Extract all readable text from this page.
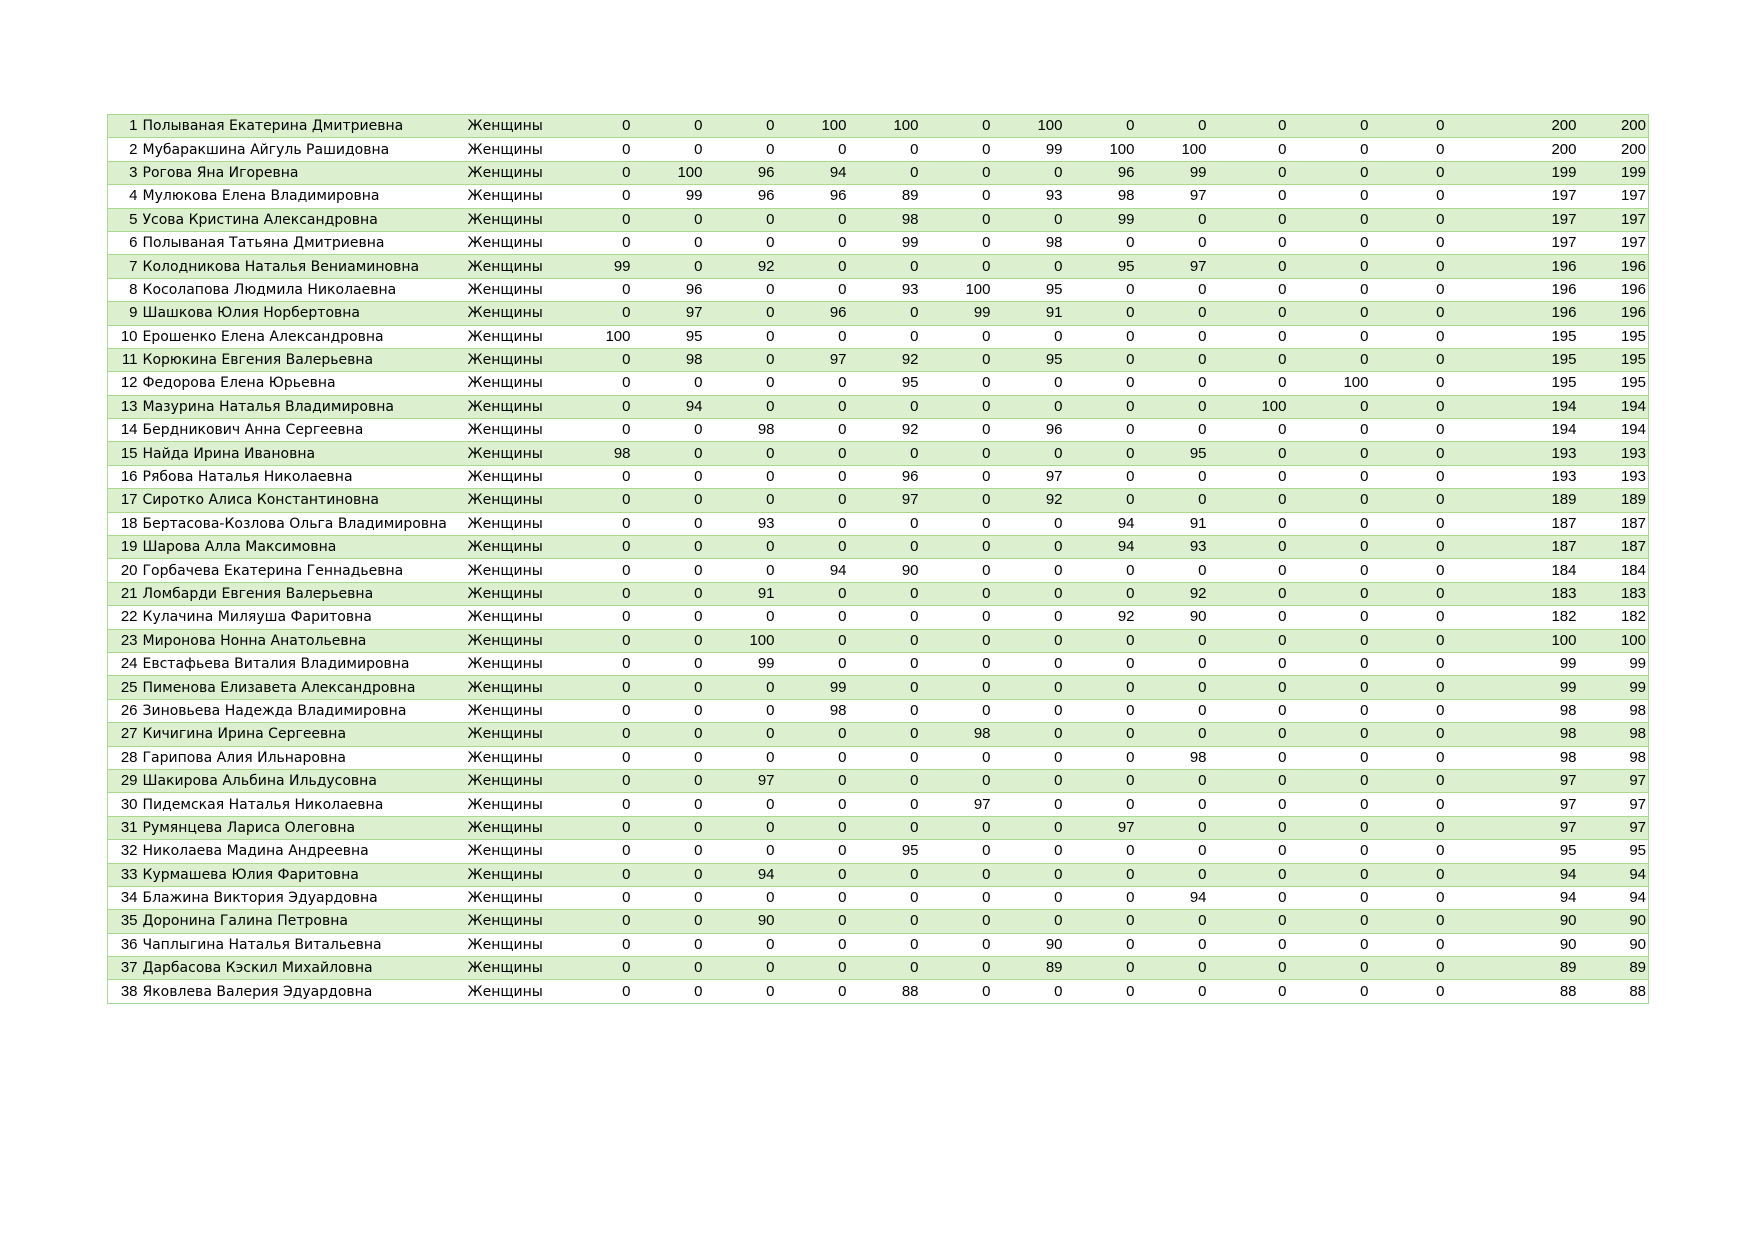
1	Полываная Екатерина Дмитриевна	Женщины	0	0	0	100	100	0	100	0	0	0	0	0	200	200
2	Мубаракшина Айгуль Рашидовна	Женщины	0	0	0	0	0	0	99	100	100	0	0	0	200	200
3	Рогова Яна Игоревна	Женщины	0	100	96	94	0	0	0	96	99	0	0	0	199	199
4	Мулюкова Елена Владимировна	Женщины	0	99	96	96	89	0	93	98	97	0	0	0	197	197
5	Усова Кристина Александровна	Женщины	0	0	0	0	98	0	0	99	0	0	0	0	197	197
6	Полываная Татьяна Дмитриевна	Женщины	0	0	0	0	99	0	98	0	0	0	0	0	197	197
7	Колодникова Наталья Вениаминовна	Женщины	99	0	92	0	0	0	0	95	97	0	0	0	196	196
8	Косолапова Людмила Николаевна	Женщины	0	96	0	0	93	100	95	0	0	0	0	0	196	196
9	Шашкова Юлия Норбертовна	Женщины	0	97	0	96	0	99	91	0	0	0	0	0	196	196
10	Ерошенко Елена Александровна	Женщины	100	95	0	0	0	0	0	0	0	0	0	0	195	195
11	Корюкина Евгения Валерьевна	Женщины	0	98	0	97	92	0	95	0	0	0	0	0	195	195
12	Федорова Елена Юрьевна	Женщины	0	0	0	0	95	0	0	0	0	0	100	0	195	195
13	Мазурина Наталья Владимировна	Женщины	0	94	0	0	0	0	0	0	0	100	0	0	194	194
14	Бердникович Анна Сергеевна	Женщины	0	0	98	0	92	0	96	0	0	0	0	0	194	194
15	Найда Ирина Ивановна	Женщины	98	0	0	0	0	0	0	0	95	0	0	0	193	193
16	Рябова Наталья Николаевна	Женщины	0	0	0	0	96	0	97	0	0	0	0	0	193	193
17	Сиротко Алиса Константиновна	Женщины	0	0	0	0	97	0	92	0	0	0	0	0	189	189
18	Бертасова-Козлова Ольга Владимировна	Женщины	0	0	93	0	0	0	0	94	91	0	0	0	187	187
19	Шарова Алла Максимовна	Женщины	0	0	0	0	0	0	0	94	93	0	0	0	187	187
20	Горбачева Екатерина Геннадьевна	Женщины	0	0	0	94	90	0	0	0	0	0	0	0	184	184
21	Ломбарди Евгения Валерьевна	Женщины	0	0	91	0	0	0	0	0	92	0	0	0	183	183
22	Кулачина Миляуша Фаритовна	Женщины	0	0	0	0	0	0	0	92	90	0	0	0	182	182
23	Миронова Нонна Анатольевна	Женщины	0	0	100	0	0	0	0	0	0	0	0	0	100	100
24	Евстафьева Виталия Владимировна	Женщины	0	0	99	0	0	0	0	0	0	0	0	0	99	99
25	Пименова Елизавета Александровна	Женщины	0	0	0	99	0	0	0	0	0	0	0	0	99	99
26	Зиновьева Надежда Владимировна	Женщины	0	0	0	98	0	0	0	0	0	0	0	0	98	98
27	Кичигина Ирина Сергеевна	Женщины	0	0	0	0	0	98	0	0	0	0	0	0	98	98
28	Гарипова Алия Ильнаровна	Женщины	0	0	0	0	0	0	0	0	98	0	0	0	98	98
29	Шакирова Альбина Ильдусовна	Женщины	0	0	97	0	0	0	0	0	0	0	0	0	97	97
30	Пидемская Наталья Николаевна	Женщины	0	0	0	0	0	97	0	0	0	0	0	0	97	97
31	Румянцева Лариса Олеговна	Женщины	0	0	0	0	0	0	0	97	0	0	0	0	97	97
32	Николаева Мадина Андреевна	Женщины	0	0	0	0	95	0	0	0	0	0	0	0	95	95
33	Курмашева Юлия Фаритовна	Женщины	0	0	94	0	0	0	0	0	0	0	0	0	94	94
34	Блажина Виктория Эдуардовна	Женщины	0	0	0	0	0	0	0	0	94	0	0	0	94	94
35	Доронина Галина Петровна	Женщины	0	0	90	0	0	0	0	0	0	0	0	0	90	90
36	Чаплыгина Наталья Витальевна	Женщины	0	0	0	0	0	0	90	0	0	0	0	0	90	90
37	Дарбасова Кэскил Михайловна	Женщины	0	0	0	0	0	0	89	0	0	0	0	0	89	89
38	Яковлева Валерия Эдуардовна	Женщины	0	0	0	0	88	0	0	0	0	0	0	0	88	88
